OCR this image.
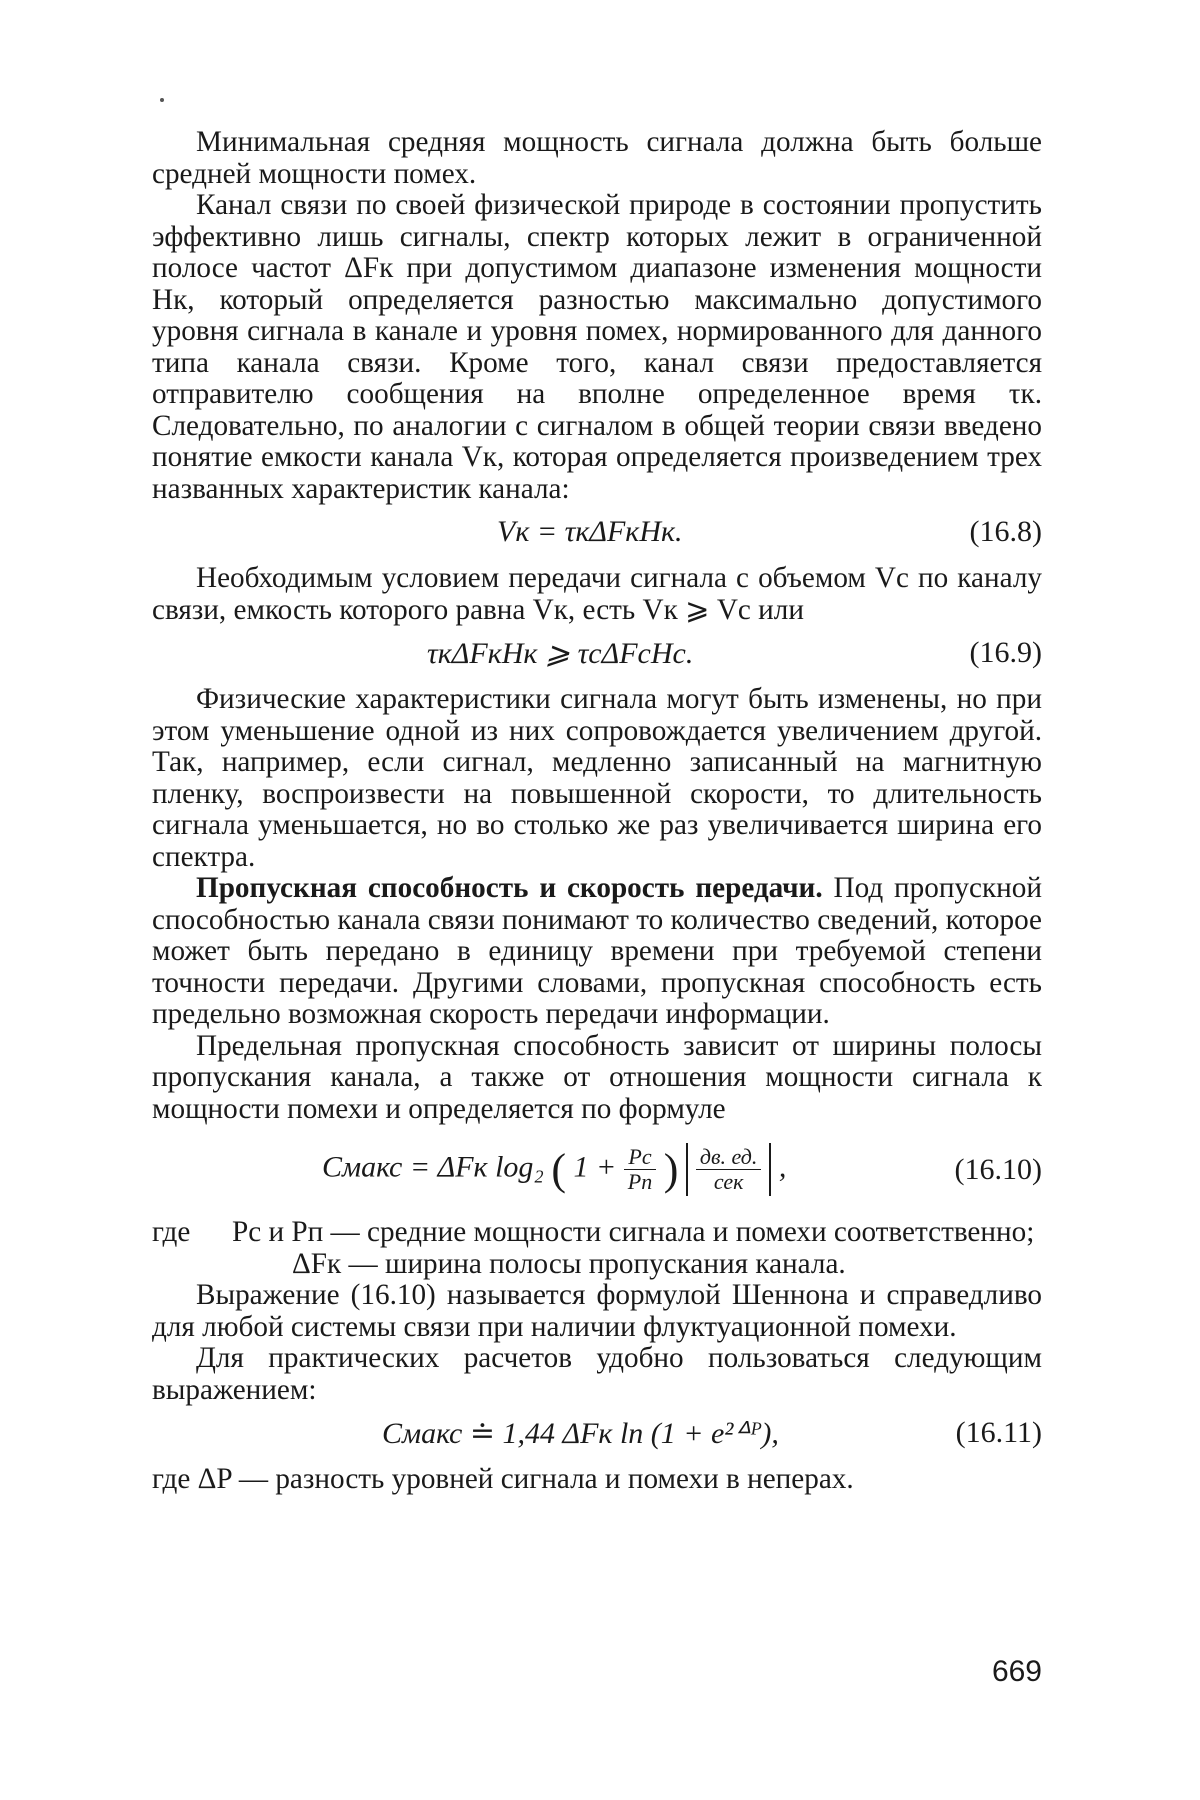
Минимальная средняя мощность сигнала должна быть больше средней мощности помех.

Канал связи по своей физической природе в состоянии пропустить эффективно лишь сигналы, спектр которых лежит в ограниченной полосе частот ΔFк при допустимом диапазоне изменения мощности Hк, который определяется разностью максимально допустимого уровня сигнала в канале и уровня помех, нормированного для данного типа канала связи. Кроме того, канал связи предоставляется отправителю сообщения на вполне определенное время τк. Следовательно, по аналогии с сигналом в общей теории связи введено понятие емкости канала Vк, которая определяется произведением трех названных характеристик канала:

Vк = τкΔFкHк.	(16.8)

Необходимым условием передачи сигнала с объемом Vс по каналу связи, емкость которого равна Vк, есть Vк ⩾ Vс или

τкΔFкHк ⩾ τсΔFсHс.	(16.9)

Физические характеристики сигнала могут быть изменены, но при этом уменьшение одной из них сопровождается увеличением другой. Так, например, если сигнал, медленно записанный на магнитную пленку, воспроизвести на повышенной скорости, то длительность сигнала уменьшается, но во столько же раз увеличивается ширина его спектра.

Пропускная способность и скорость передачи. Под пропускной способностью канала связи понимают то количество сведений, которое может быть передано в единицу времени при требуемой степени точности передачи. Другими словами, пропускная способность есть предельно возможная скорость передачи информации.

Предельная пропускная способность зависит от ширины полосы пропускания канала, а также от отношения мощности сигнала к мощности помехи и определяется по формуле

Cмакс = ΔFк log₂ ( $1 + \frac{Pс}{Pп}$ ) $\frac{дв. ед.}{\text{сек}}$ ,	(16.10)
где	Pс и Pп — средние мощности сигнала и помехи соответственно;
ΔFк — ширина полосы пропускания канала.

Выражение (16.10) называется формулой Шеннона и справедливо для любой системы связи при наличии флуктуационной помехи.

Для практических расчетов удобно пользоваться следующим выражением:

Cмакс ≐ 1,44 ΔFк ln (1 + e²ᐞᴾ),	(16.11)

где ΔP — разность уровней сигнала и помехи в неперах.

669
